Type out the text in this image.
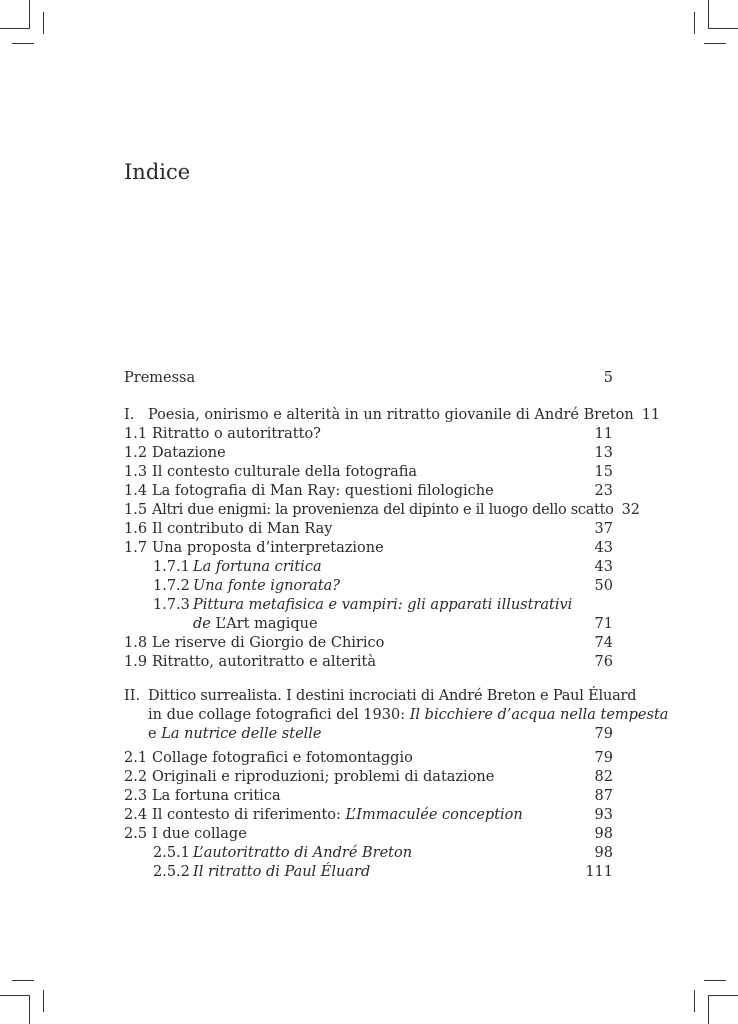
Indice
Premessa	5
I. Poesia, onirismo e alterità in un ritratto giovanile di André Breton 11
1.1 Ritratto o autoritratto?	11
1.2 Datazione	13
1.3 Il contesto culturale della fotografia	15
1.4 La fotografia di Man Ray: questioni filologiche	23
1.5 Altri due enigmi: la provenienza del dipinto e il luogo dello scatto 32
1.6 Il contributo di Man Ray	37
1.7 Una proposta d’interpretazione	43
1.7.1 La fortuna critica	43
1.7.2 Una fonte ignorata?	50
1.7.3 Pittura metafisica e vampiri: gli apparati illustrativi
de L’Art magique	71
1.8 Le riserve di Giorgio de Chirico	74
1.9 Ritratto, autoritratto e alterità	76
II. Dittico surrealista. I destini incrociati di André Breton e Paul Éluard
in due collage fotografici del 1930: Il bicchiere d’acqua nella tempesta
e La nutrice delle stelle	79
2.1 Collage fotografici e fotomontaggio	79
2.2 Originali e riproduzioni; problemi di datazione	82
2.3 La fortuna critica	87
2.4 Il contesto di riferimento: L’Immaculée conception	93
2.5 I due collage	98
2.5.1 L’autoritratto di André Breton	98
2.5.2 Il ritratto di Paul Éluard	111
